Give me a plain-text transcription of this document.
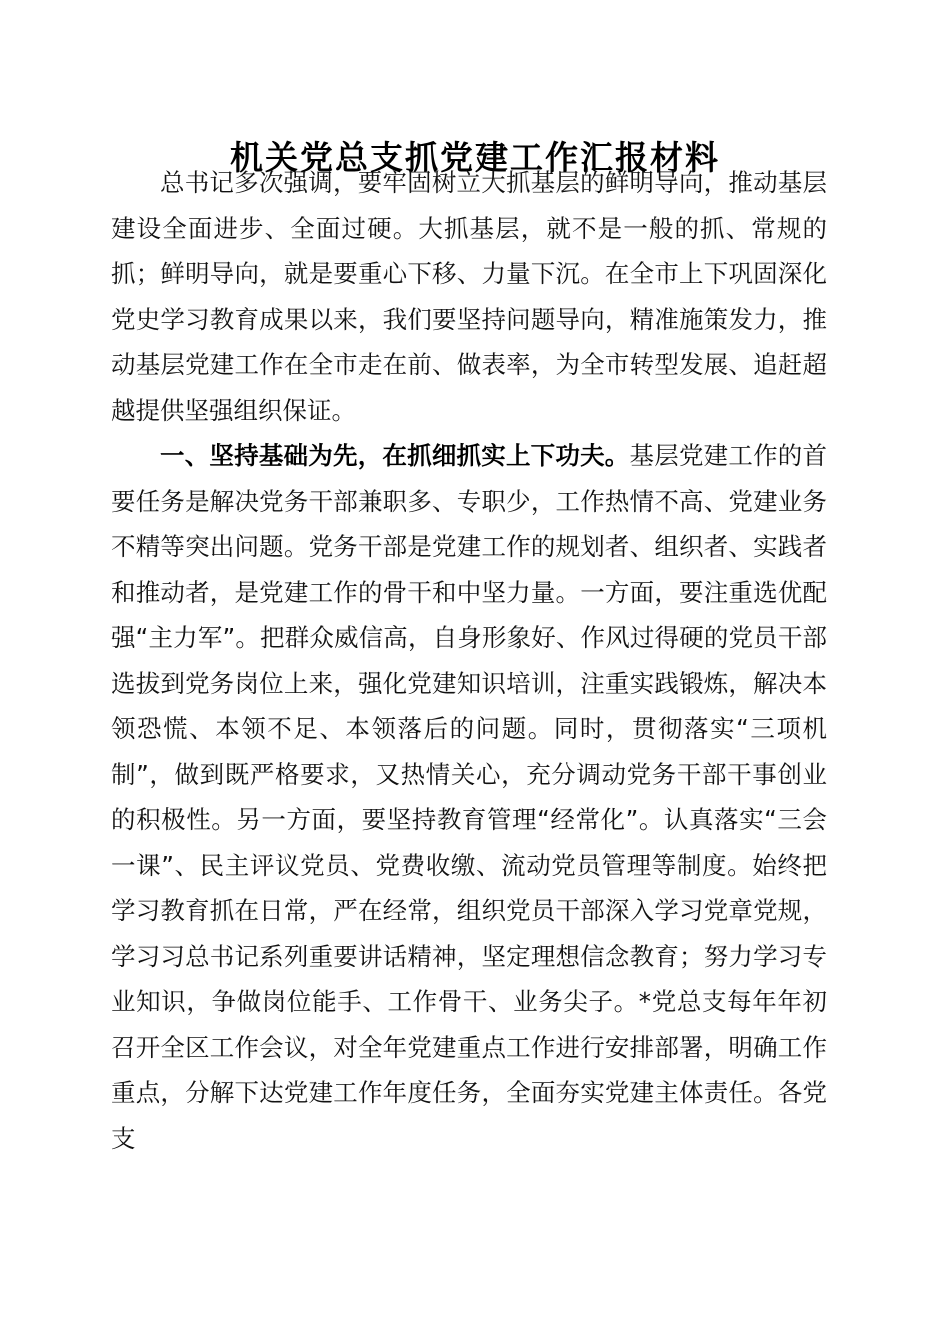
机关党总支抓党建工作汇报材料

总书记多次强调，要牢固树立大抓基层的鲜明导向，推动基层建设全面进步、全面过硬。大抓基层，就不是一般的抓、常规的抓；鲜明导向，就是要重心下移、力量下沉。在全市上下巩固深化党史学习教育成果以来，我们要坚持问题导向，精准施策发力，推动基层党建工作在全市走在前、做表率，为全市转型发展、追赶超越提供坚强组织保证。

一、坚持基础为先，在抓细抓实上下功夫。基层党建工作的首要任务是解决党务干部兼职多、专职少，工作热情不高、党建业务不精等突出问题。党务干部是党建工作的规划者、组织者、实践者和推动者，是党建工作的骨干和中坚力量。一方面，要注重选优配强“主力军”。把群众威信高，自身形象好、作风过得硬的党员干部选拔到党务岗位上来，强化党建知识培训，注重实践锻炼，解决本领恐慌、本领不足、本领落后的问题。同时，贯彻落实“三项机制”，做到既严格要求，又热情关心，充分调动党务干部干事创业的积极性。另一方面，要坚持教育管理“经常化”。认真落实“三会一课”、民主评议党员、党费收缴、流动党员管理等制度。始终把学习教育抓在日常，严在经常，组织党员干部深入学习党章党规，学习习总书记系列重要讲话精神，坚定理想信念教育；努力学习专业知识，争做岗位能手、工作骨干、业务尖子。*党总支每年年初召开全区工作会议，对全年党建重点工作进行安排部署，明确工作重点，分解下达党建工作年度任务，全面夯实党建主体责任。各党支
